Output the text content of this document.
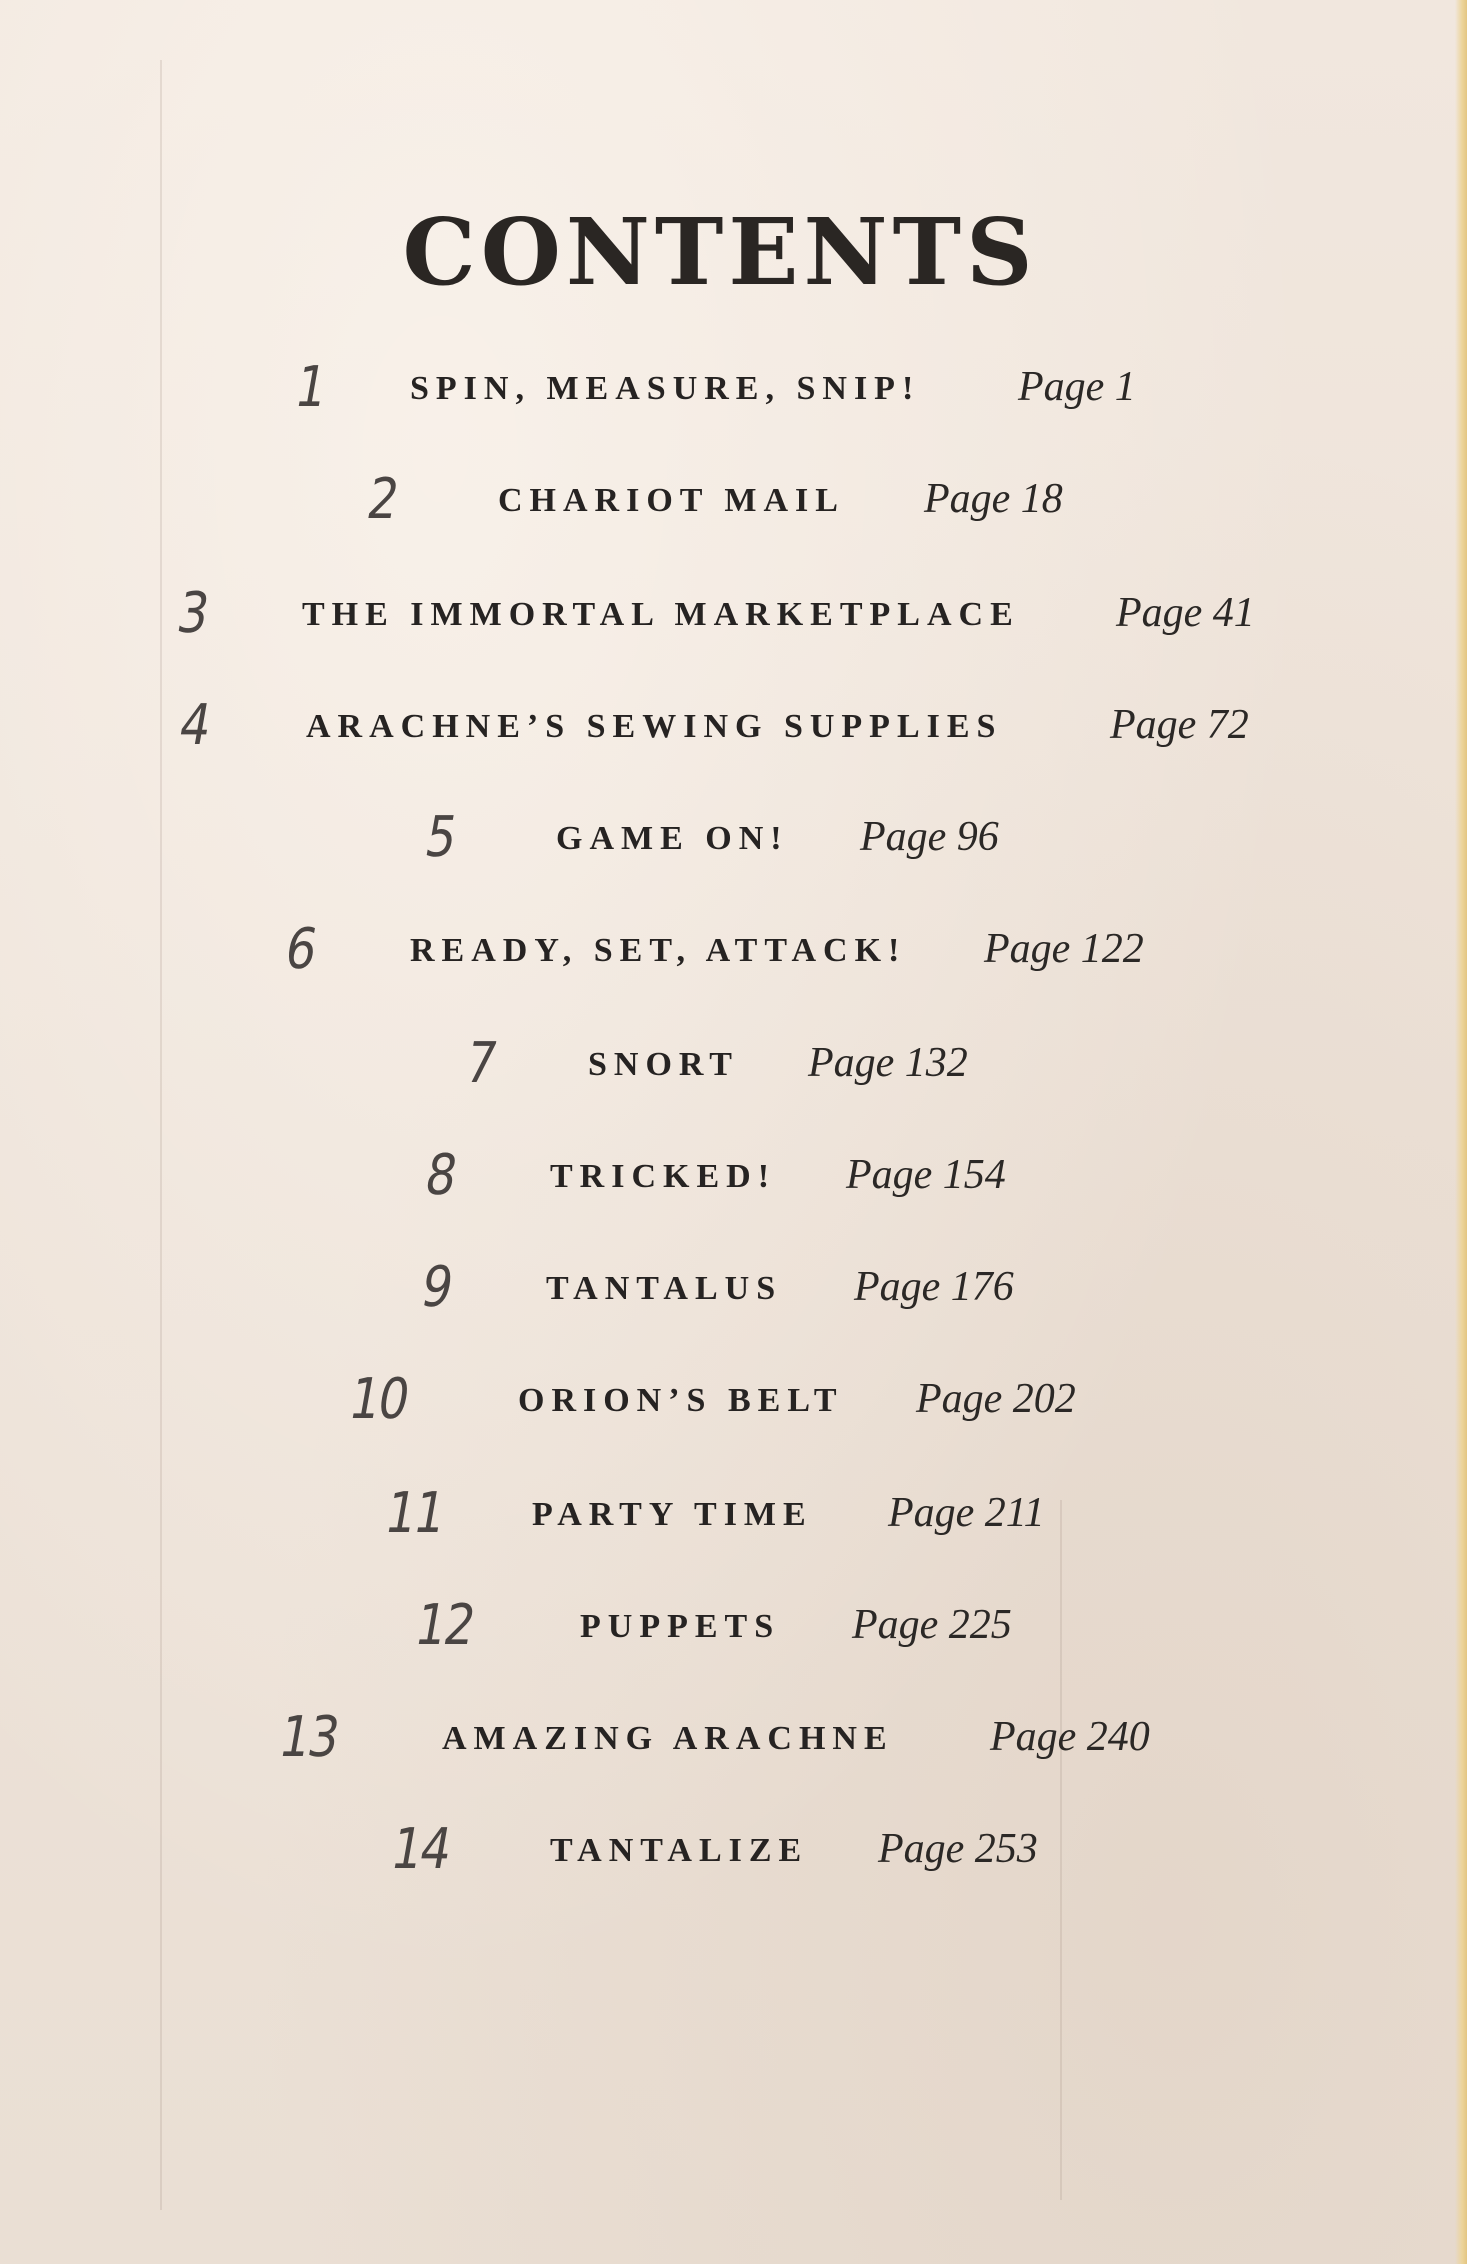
CONTENTS
1 SPIN, MEASURE, SNIP! Page 1
2	CHARIOT MAIL Page 18
3	THE IMMORTAL MARKETPLACE Page 41
4	ARACHNE’S SEWING SUPPLIES	Page 72
5	GAME ON! Page 96
6	READY, SET, ATTACK! Page 122
7	SNORT Page 132
8	TRICKED! Page 154
9	TANTALUS Page 176
10	ORION’S BELT Page 202
11 PARTY TIME Page 211
12	PUPPETS Page 225
13	AMAZING ARACHNE Page 240
14	TANTALIZE Page 253
